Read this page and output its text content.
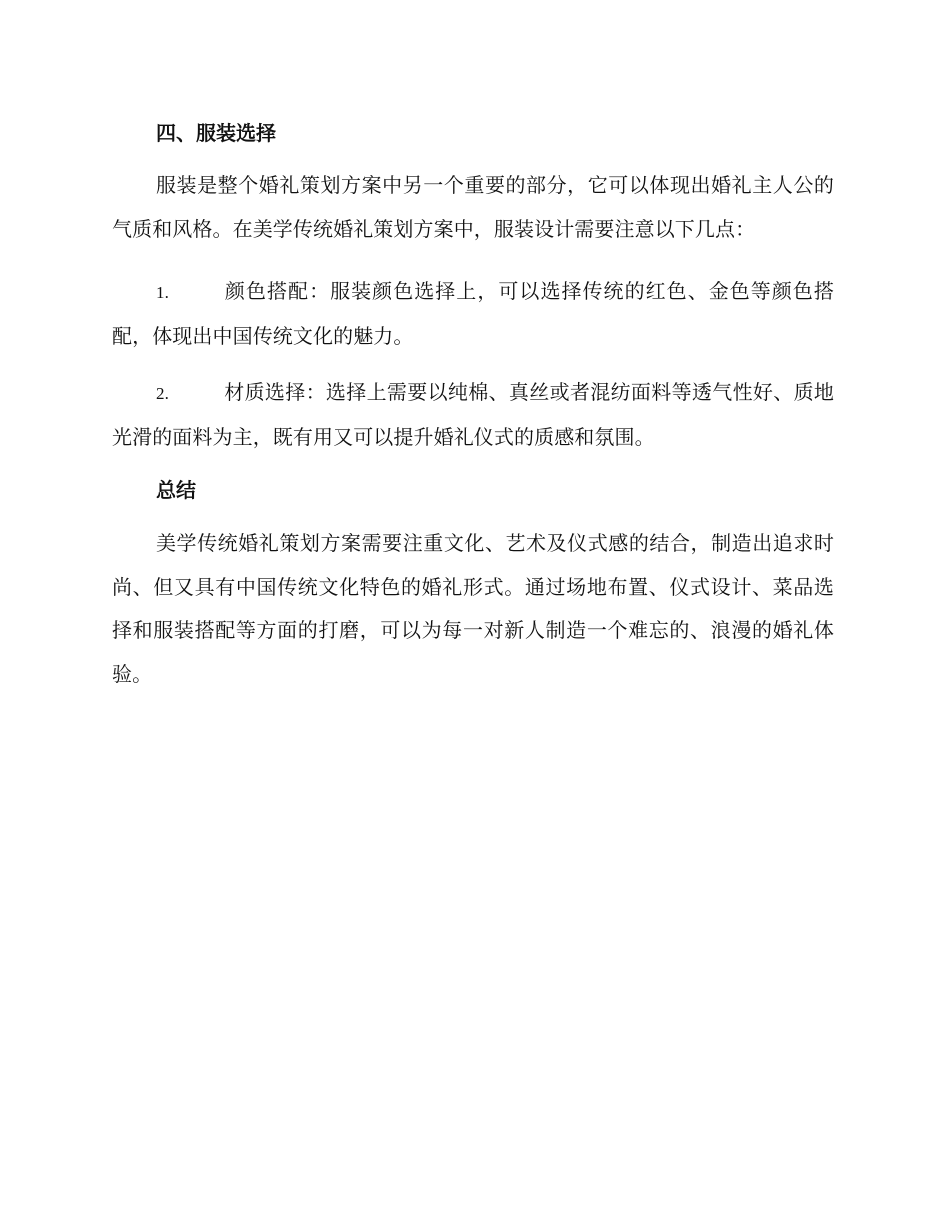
四、服装选择

服装是整个婚礼策划方案中另一个重要的部分，它可以体现出婚礼主人公的气质和风格。在美学传统婚礼策划方案中，服装设计需要注意以下几点：

1.	颜色搭配：服装颜色选择上，可以选择传统的红色、金色等颜色搭配，体现出中国传统文化的魅力。

2.	材质选择：选择上需要以纯棉、真丝或者混纺面料等透气性好、质地光滑的面料为主，既有用又可以提升婚礼仪式的质感和氛围。

总结

美学传统婚礼策划方案需要注重文化、艺术及仪式感的结合，制造出追求时尚、但又具有中国传统文化特色的婚礼形式。通过场地布置、仪式设计、菜品选择和服装搭配等方面的打磨，可以为每一对新人制造一个难忘的、浪漫的婚礼体验。
